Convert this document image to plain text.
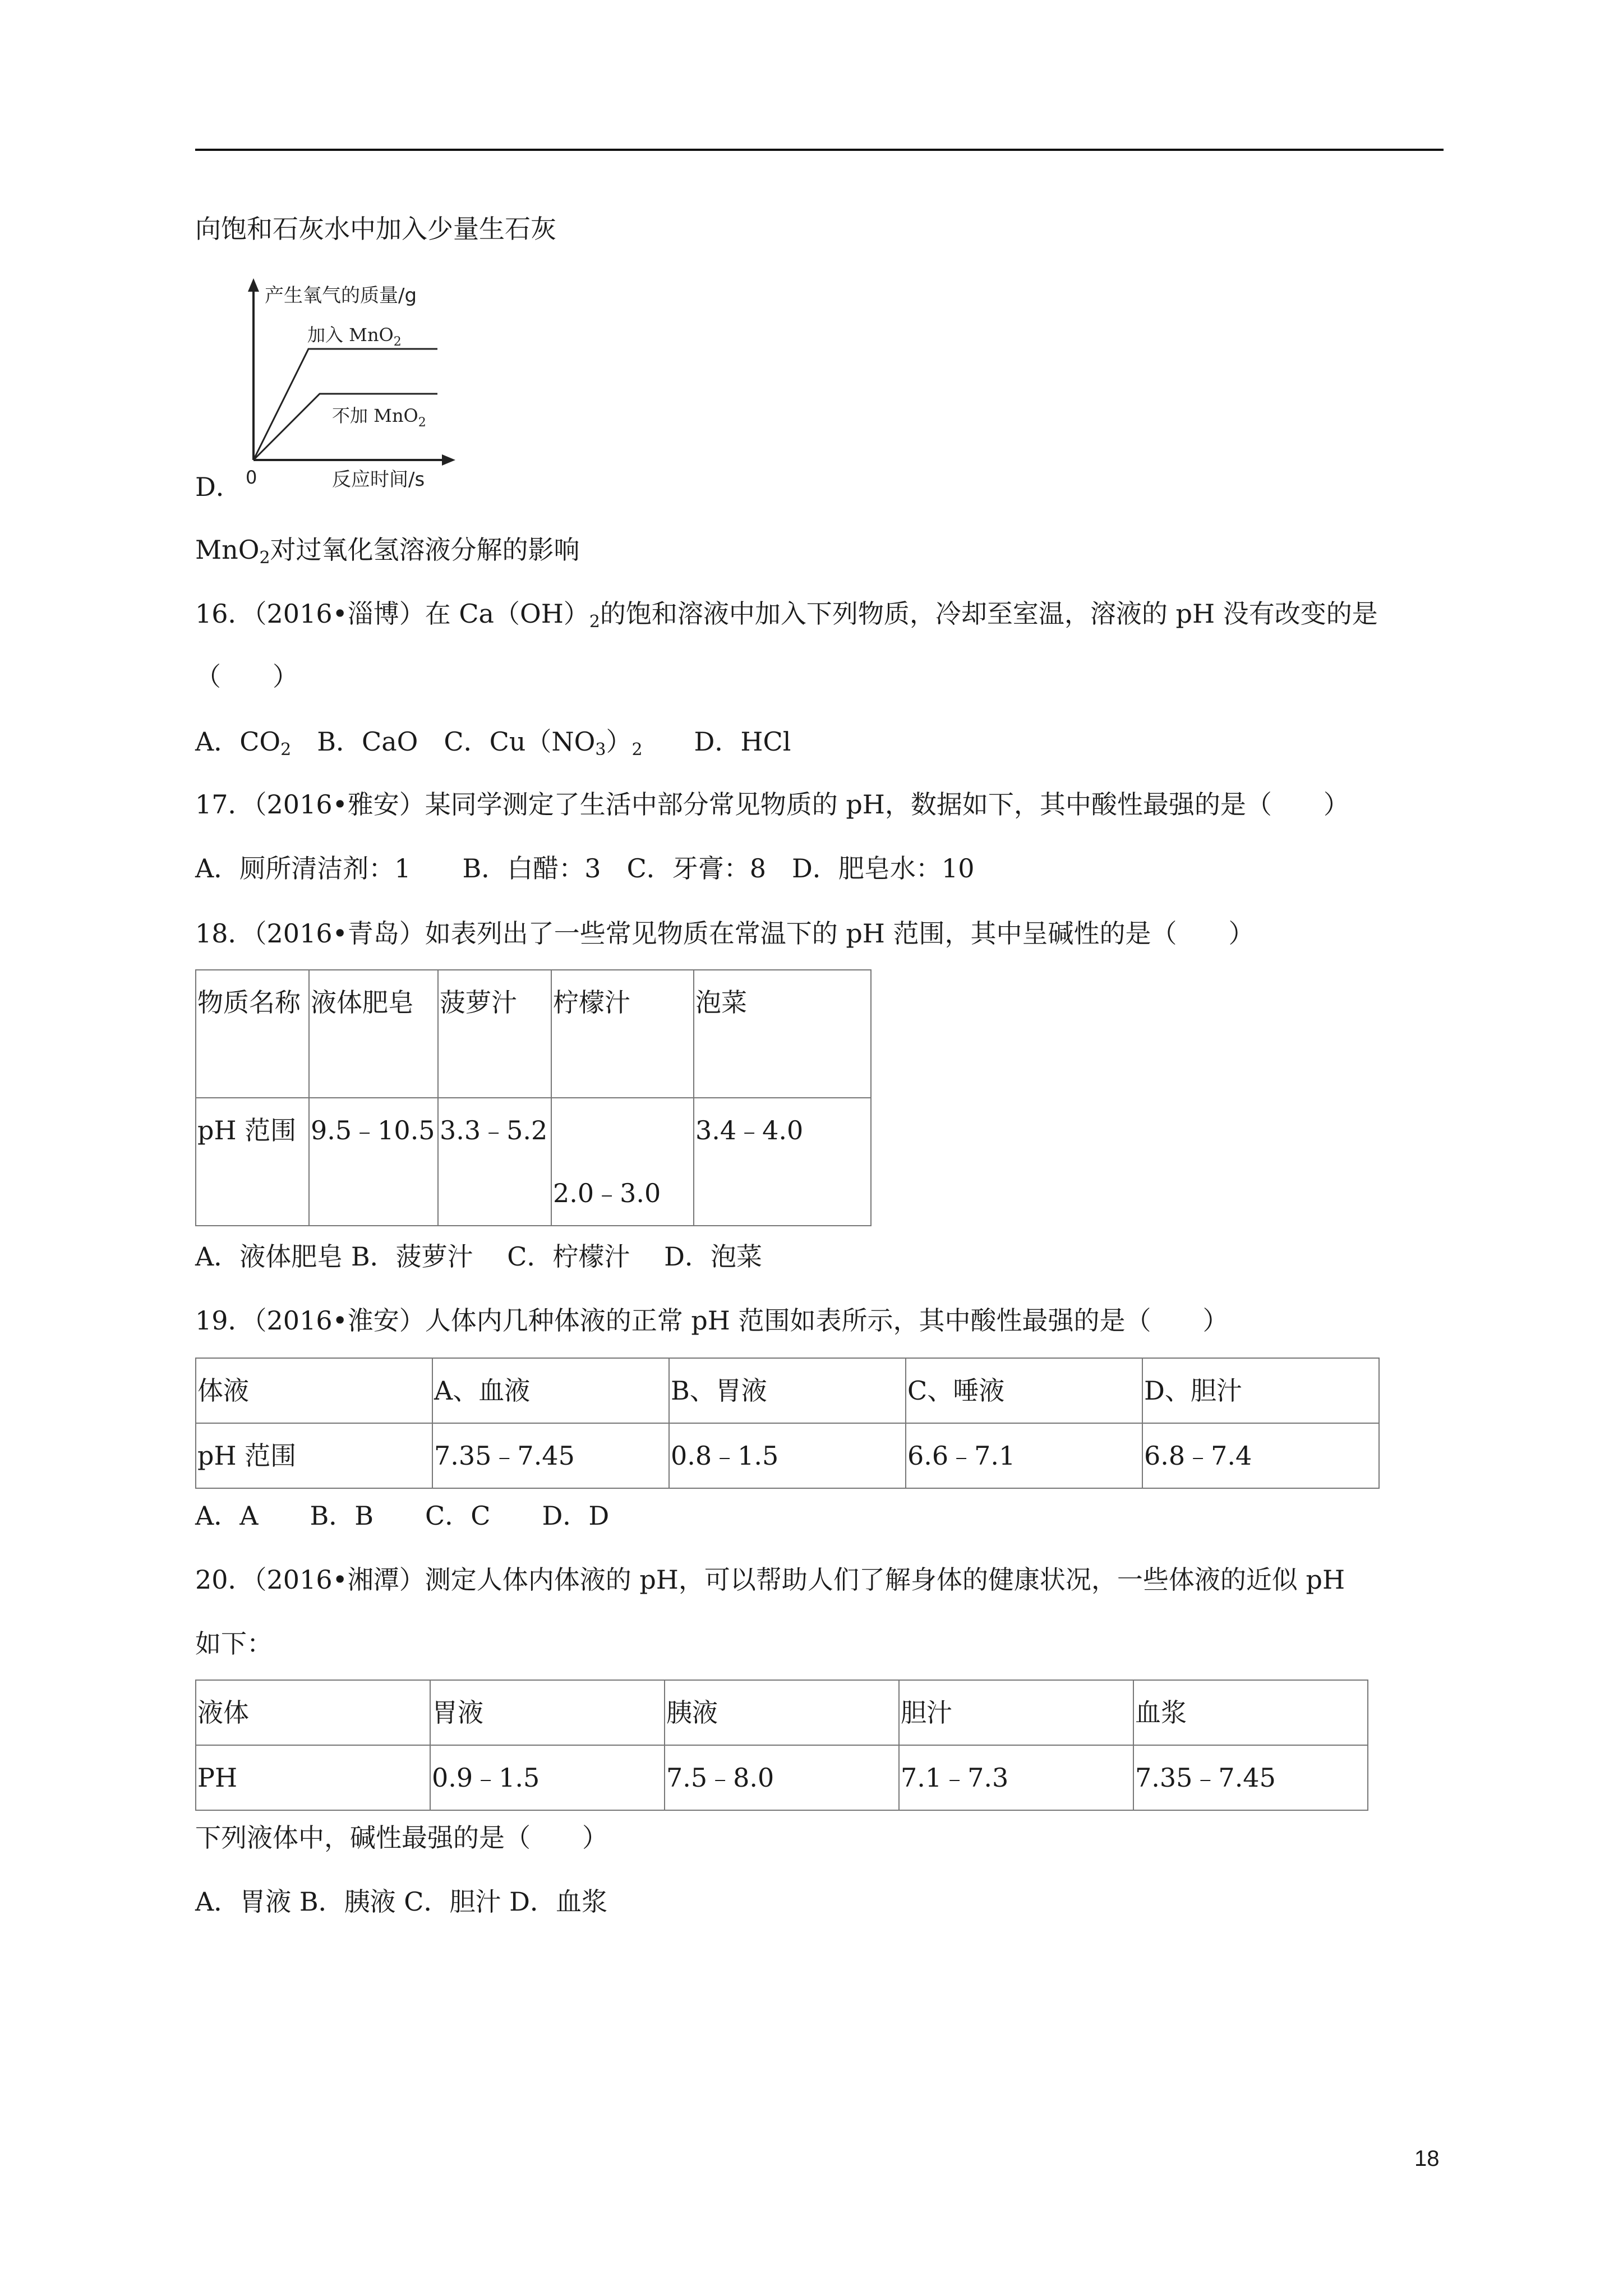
向饱和石灰水中加入少量生石灰
产生氧气的质量/g
加入 MnO$_2$
不加 MnO$_2$
0	反应时间/s
D．
MnO$_2$对过氧化氢溶液分解的影响
16．（2016•淄博）在 $Ca(OH)_2$的饱和溶液中加入下列物质，冷却至室温，溶液的 pH 没有改变的是
（　　）
A．$CO_2$　 B．CaO　 C．$Cu(NO_3)_2$　　 D．HCl
17．（2016•雅安）某同学测定了生活中部分常见物质的 pH，数据如下，其中酸性最强的是（　　）
A．厕所清洁剂：1　　 B．白醋：3　 C．牙膏：8　 D．肥皂水：10
18．（2016•青岛）如表列出了一些常见物质在常温下的 pH 范围，其中呈碱性的是（　　）
物质名称	液体肥皂	菠萝汁	柠檬汁	泡菜

pH 范围	9.5﹣10.5	3.3﹣5.2	2.0﹣3.0	3.4﹣4.0
A．液体肥皂 B．菠萝汁　 C．柠檬汁　 D．泡菜
19．（2016•淮安）人体内几种体液的正常 pH 范围如表所示，其中酸性最强的是（　　）
体液	A、血液	B、胃液	C、唾液	D、胆汁
pH 范围	7.35﹣7.45	0.8﹣1.5	6.6﹣7.1	6.8﹣7.4
A．A　　B．B　　C．C　　D．D
20．（2016•湘潭）测定人体内体液的 pH，可以帮助人们了解身体的健康状况，一些体液的近似 pH
如下：
液体	胃液	胰液	胆汁	血浆
PH	0.9﹣1.5	7.5﹣8.0	7.1﹣7.3	7.35﹣7.45
下列液体中，碱性最强的是（　　）
A．胃液 B．胰液 C．胆汁 D．血浆
18
